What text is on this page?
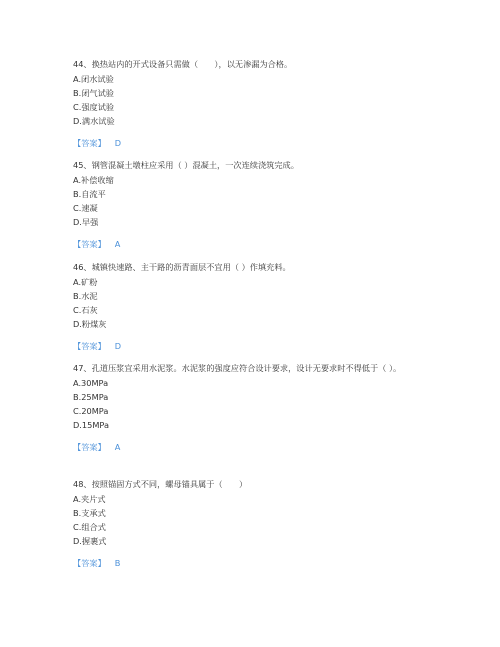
44、换热站内的开式设备只需做（　　），以无渗漏为合格。

A.闭水试验

B.闭气试验

C.强度试验

D.满水试验

【答案】 D

45、钢管混凝土墩柱应采用（ ）混凝土，一次连续浇筑完成。

A.补偿收缩

B.自流平

C.速凝

D.早强

【答案】 A

46、城镇快速路、主干路的沥青面层不宜用（ ）作填充料。

A.矿粉

B.水泥

C.石灰

D.粉煤灰

【答案】 D

47、孔道压浆宜采用水泥浆。水泥浆的强度应符合设计要求，设计无要求时不得低于（ ）。

A.30MPa

B.25MPa

C.20MPa

D.15MPa

【答案】 A

48、按照锚固方式不同，螺母锚具属于（　　）

A.夹片式

B.支承式

C.组合式

D.握裹式

【答案】 B
